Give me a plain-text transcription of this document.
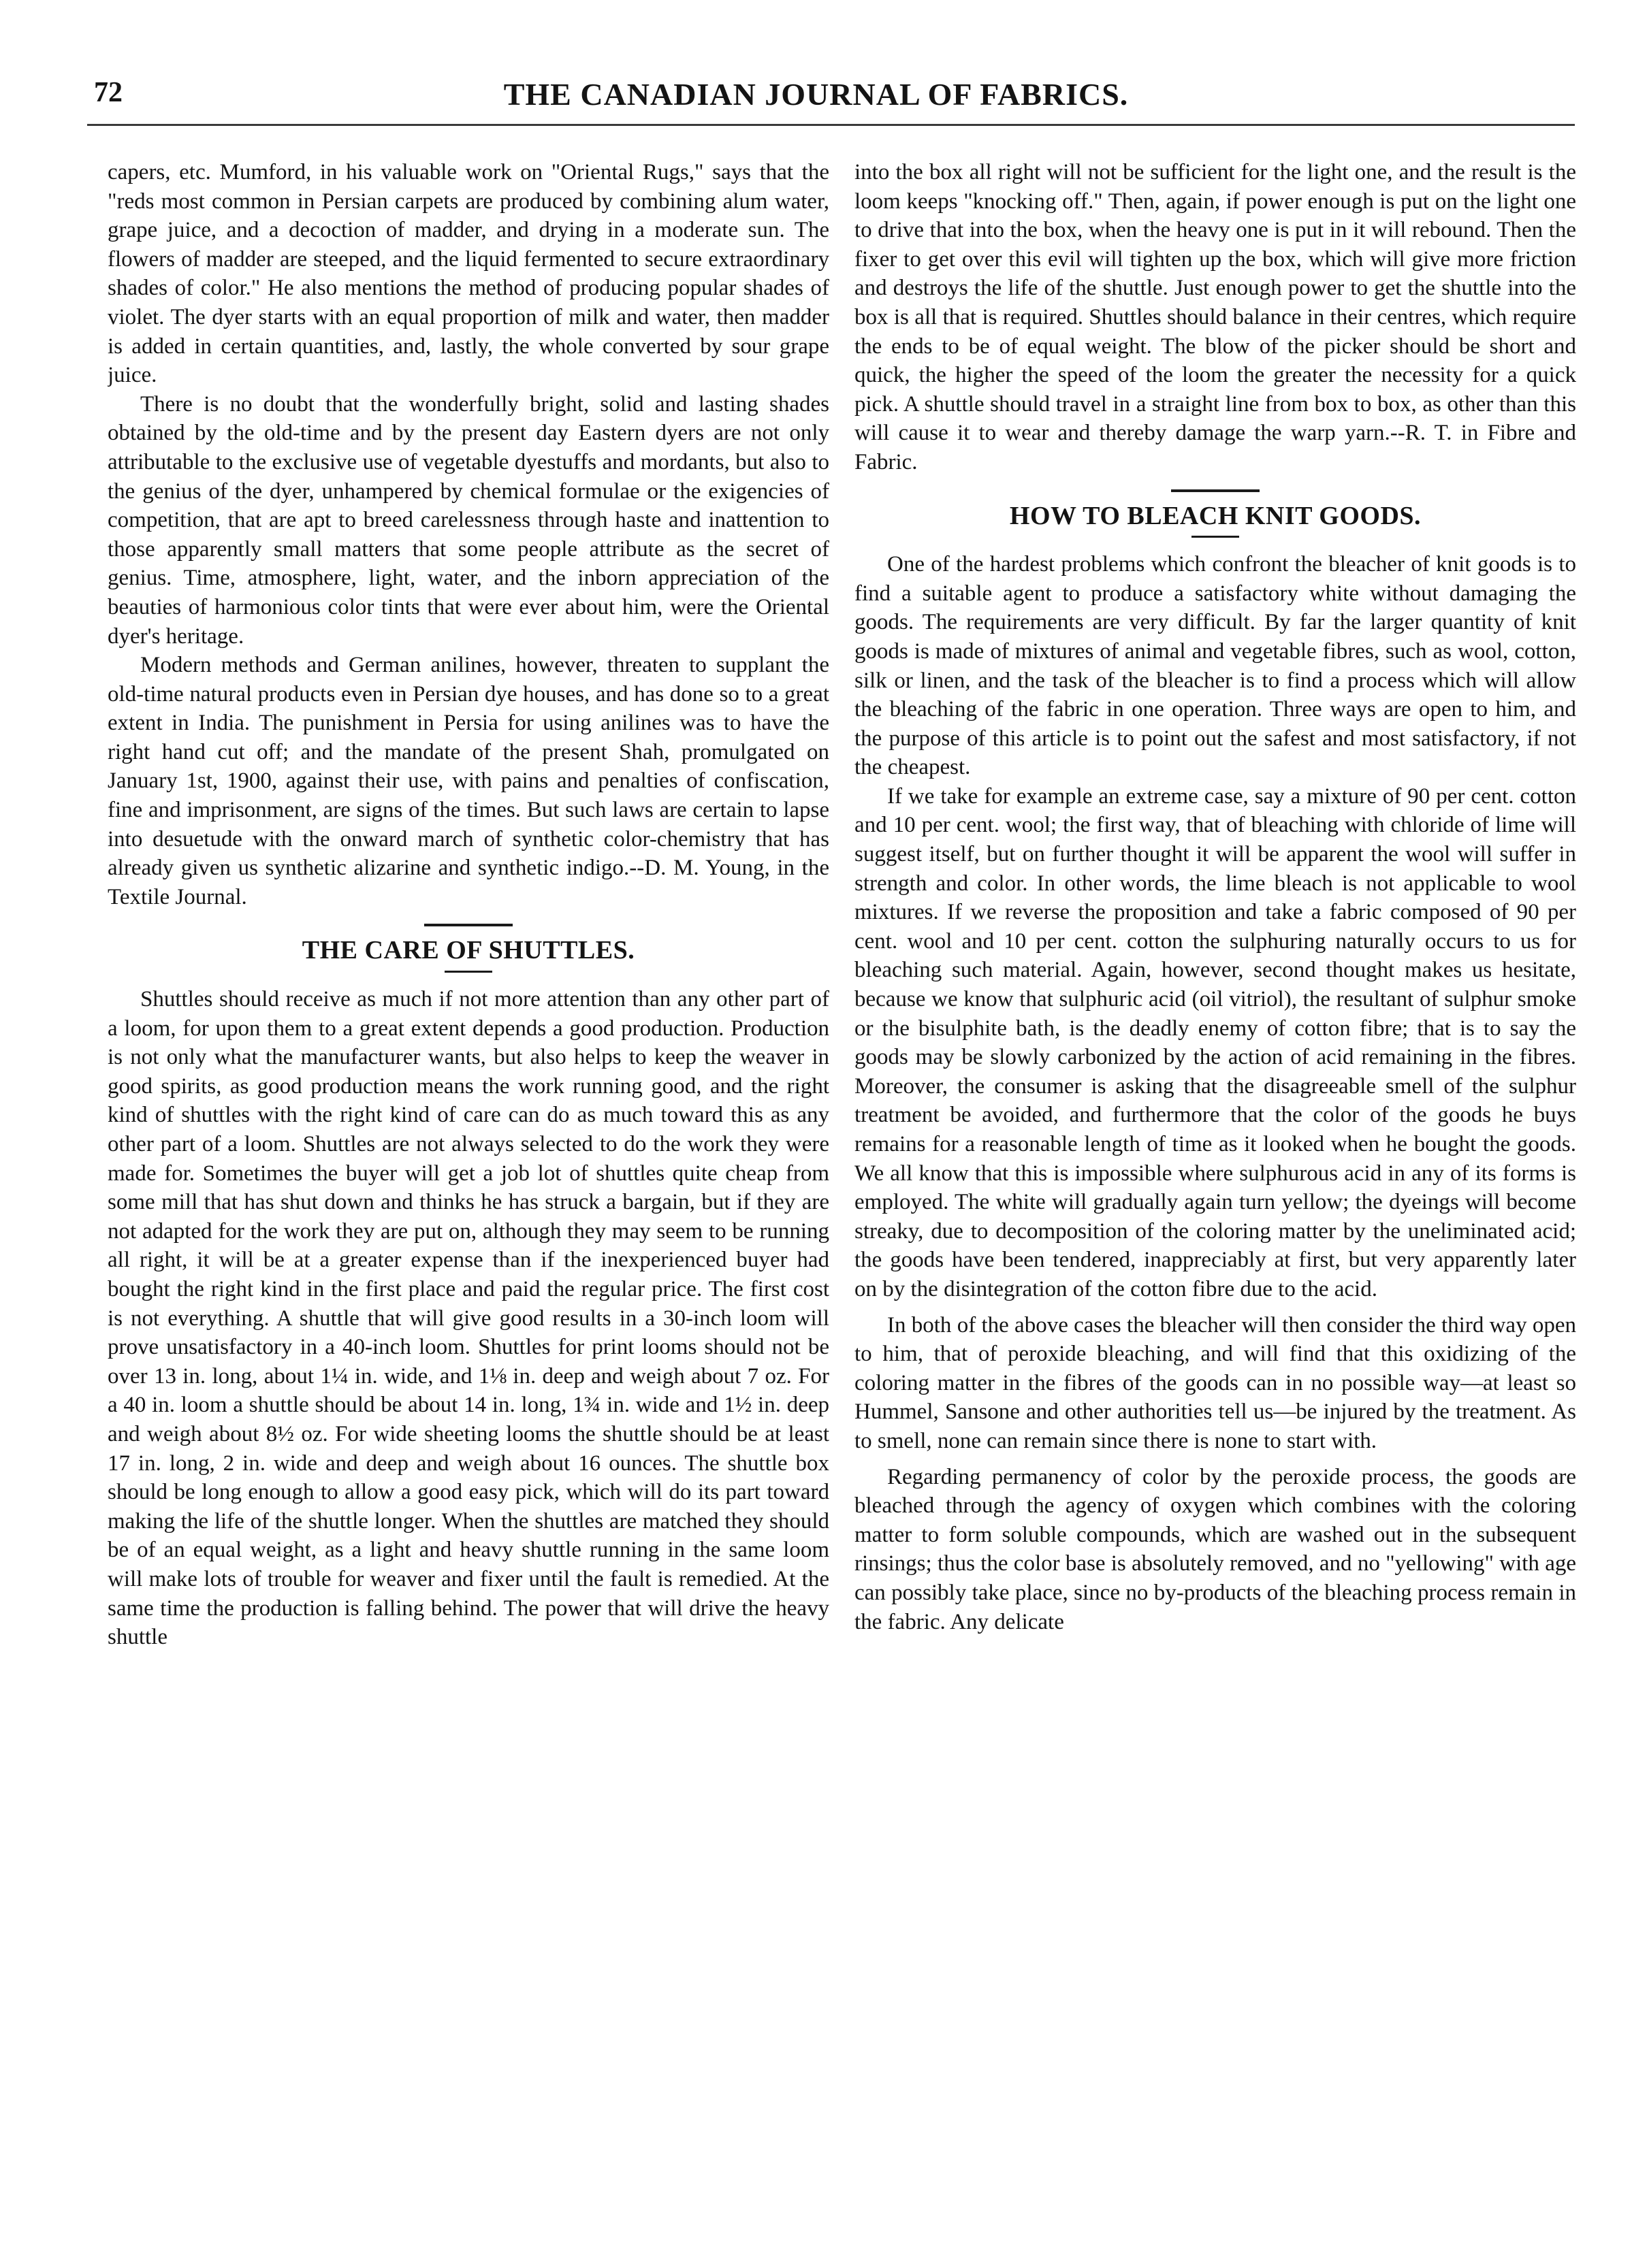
72	THE CANADIAN JOURNAL OF FABRICS.

capers, etc. Mumford, in his valuable work on "Oriental Rugs," says that the "reds most common in Persian carpets are produced by combining alum water, grape juice, and a decoction of madder, and drying in a moderate sun. The flowers of madder are steeped, and the liquid fermented to secure extraordinary shades of color." He also mentions the method of producing popular shades of violet. The dyer starts with an equal proportion of milk and water, then madder is added in certain quantities, and, lastly, the whole converted by sour grape juice.

There is no doubt that the wonderfully bright, solid and lasting shades obtained by the old-time and by the present day Eastern dyers are not only attributable to the exclusive use of vegetable dyestuffs and mordants, but also to the genius of the dyer, unhampered by chemical formulae or the exigencies of competition, that are apt to breed carelessness through haste and inattention to those apparently small matters that some people attribute as the secret of genius. Time, atmosphere, light, water, and the inborn appreciation of the beauties of harmonious color tints that were ever about him, were the Oriental dyer's heritage.

Modern methods and German anilines, however, threaten to supplant the old-time natural products even in Persian dye houses, and has done so to a great extent in India. The punishment in Persia for using anilines was to have the right hand cut off; and the mandate of the present Shah, promulgated on January 1st, 1900, against their use, with pains and penalties of confiscation, fine and imprisonment, are signs of the times. But such laws are certain to lapse into desuetude with the onward march of synthetic color-chemistry that has already given us synthetic alizarine and synthetic indigo.--D. M. Young, in the Textile Journal.

THE CARE OF SHUTTLES.

Shuttles should receive as much if not more attention than any other part of a loom, for upon them to a great extent depends a good production. Production is not only what the manufacturer wants, but also helps to keep the weaver in good spirits, as good production means the work running good, and the right kind of shuttles with the right kind of care can do as much toward this as any other part of a loom. Shuttles are not always selected to do the work they were made for. Sometimes the buyer will get a job lot of shuttles quite cheap from some mill that has shut down and thinks he has struck a bargain, but if they are not adapted for the work they are put on, although they may seem to be running all right, it will be at a greater expense than if the inexperienced buyer had bought the right kind in the first place and paid the regular price. The first cost is not everything. A shuttle that will give good results in a 30-inch loom will prove unsatisfactory in a 40-inch loom. Shuttles for print looms should not be over 13 in. long, about 1¼ in. wide, and 1⅛ in. deep and weigh about 7 oz. For a 40 in. loom a shuttle should be about 14 in. long, 1¾ in. wide and 1½ in. deep and weigh about 8½ oz. For wide sheeting looms the shuttle should be at least 17 in. long, 2 in. wide and deep and weigh about 16 ounces. The shuttle box should be long enough to allow a good easy pick, which will do its part toward making the life of the shuttle longer. When the shuttles are matched they should be of an equal weight, as a light and heavy shuttle running in the same loom will make lots of trouble for weaver and fixer until the fault is remedied. At the same time the production is falling behind. The power that will drive the heavy shuttle

into the box all right will not be sufficient for the light one, and the result is the loom keeps "knocking off." Then, again, if power enough is put on the light one to drive that into the box, when the heavy one is put in it will rebound. Then the fixer to get over this evil will tighten up the box, which will give more friction and destroys the life of the shuttle. Just enough power to get the shuttle into the box is all that is required. Shuttles should balance in their centres, which require the ends to be of equal weight. The blow of the picker should be short and quick, the higher the speed of the loom the greater the necessity for a quick pick. A shuttle should travel in a straight line from box to box, as other than this will cause it to wear and thereby damage the warp yarn.--R. T. in Fibre and Fabric.

HOW TO BLEACH KNIT GOODS.

One of the hardest problems which confront the bleacher of knit goods is to find a suitable agent to produce a satisfactory white without damaging the goods. The requirements are very difficult. By far the larger quantity of knit goods is made of mixtures of animal and vegetable fibres, such as wool, cotton, silk or linen, and the task of the bleacher is to find a process which will allow the bleaching of the fabric in one operation. Three ways are open to him, and the purpose of this article is to point out the safest and most satisfactory, if not the cheapest.

If we take for example an extreme case, say a mixture of 90 per cent. cotton and 10 per cent. wool; the first way, that of bleaching with chloride of lime will suggest itself, but on further thought it will be apparent the wool will suffer in strength and color. In other words, the lime bleach is not applicable to wool mixtures. If we reverse the proposition and take a fabric composed of 90 per cent. wool and 10 per cent. cotton the sulphuring naturally occurs to us for bleaching such material. Again, however, second thought makes us hesitate, because we know that sulphuric acid (oil vitriol), the resultant of sulphur smoke or the bisulphite bath, is the deadly enemy of cotton fibre; that is to say the goods may be slowly carbonized by the action of acid remaining in the fibres. Moreover, the consumer is asking that the disagreeable smell of the sulphur treatment be avoided, and furthermore that the color of the goods he buys remains for a reasonable length of time as it looked when he bought the goods. We all know that this is impossible where sulphurous acid in any of its forms is employed. The white will gradually again turn yellow; the dyeings will become streaky, due to decomposition of the coloring matter by the uneliminated acid; the goods have been tendered, inappreciably at first, but very apparently later on by the disintegration of the cotton fibre due to the acid.

In both of the above cases the bleacher will then consider the third way open to him, that of peroxide bleaching, and will find that this oxidizing of the coloring matter in the fibres of the goods can in no possible way—at least so Hummel, Sansone and other authorities tell us—be injured by the treatment. As to smell, none can remain since there is none to start with.

Regarding permanency of color by the peroxide process, the goods are bleached through the agency of oxygen which combines with the coloring matter to form soluble compounds, which are washed out in the subsequent rinsings; thus the color base is absolutely removed, and no "yellowing" with age can possibly take place, since no by-products of the bleaching process remain in the fabric. Any delicate
